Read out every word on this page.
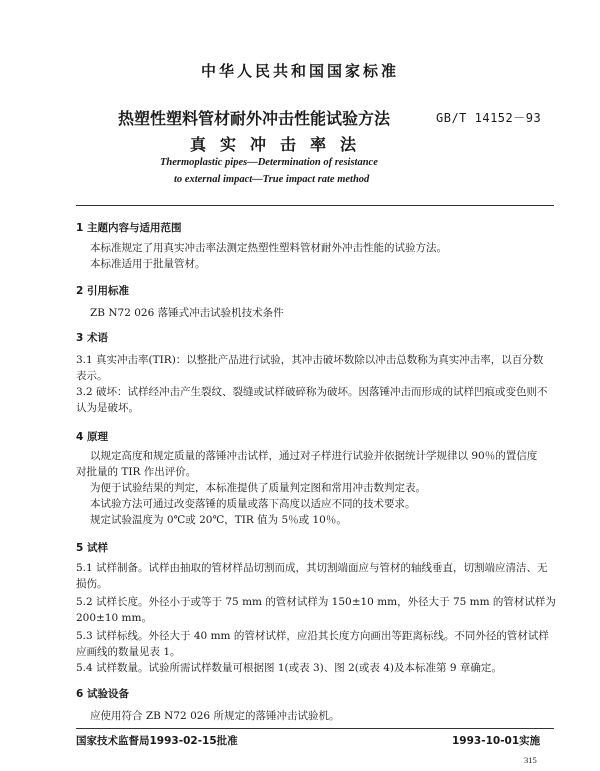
中华人民共和国国家标准
热塑性塑料管材耐外冲击性能试验方法	GB/T 14152－93
真实冲击率法
Thermoplastic pipes—Determination of resistance
to external impact—True impact rate method
1 主题内容与适用范围
本标准规定了用真实冲击率法测定热塑性塑料管材耐外冲击性能的试验方法。
本标准适用于批量管材。
2 引用标准
ZB N72 026 落锤式冲击试验机技术条件
3 术语
3.1 真实冲击率(TIR)：以整批产品进行试验，其冲击破坏数除以冲击总数称为真实冲击率，以百分数
表示。
3.2 破坏：试样经冲击产生裂纹、裂缝或试样破碎称为破坏。因落锤冲击而形成的试样凹痕或变色则不
认为是破坏。
4 原理
以规定高度和规定质量的落锤冲击试样，通过对子样进行试验并依据统计学规律以 90％的置信度
对批量的 TIR 作出评价。
为便于试验结果的判定，本标准提供了质量判定图和常用冲击数判定表。
本试验方法可通过改变落锤的质量或落下高度以适应不同的技术要求。
规定试验温度为 0℃或 20℃，TIR 值为 5％或 10％。
5 试样
5.1 试样制备。试样由抽取的管材样品切割而成，其切割端面应与管材的轴线垂直，切割端应清洁、无
损伤。
5.2 试样长度。外径小于或等于 75 mm 的管材试样为 150±10 mm，外径大于 75 mm 的管材试样为
200±10 mm。
5.3 试样标线。外径大于 40 mm 的管材试样，应沿其长度方向画出等距离标线。不同外径的管材试样
应画线的数量见表 1。
5.4 试样数量。试验所需试样数量可根据图 1(或表 3)、图 2(或表 4)及本标准第 9 章确定。
6 试验设备
应使用符合 ZB N72 026 所规定的落锤冲击试验机。
国家技术监督局1993-02-15批准	1993-10-01实施
315
